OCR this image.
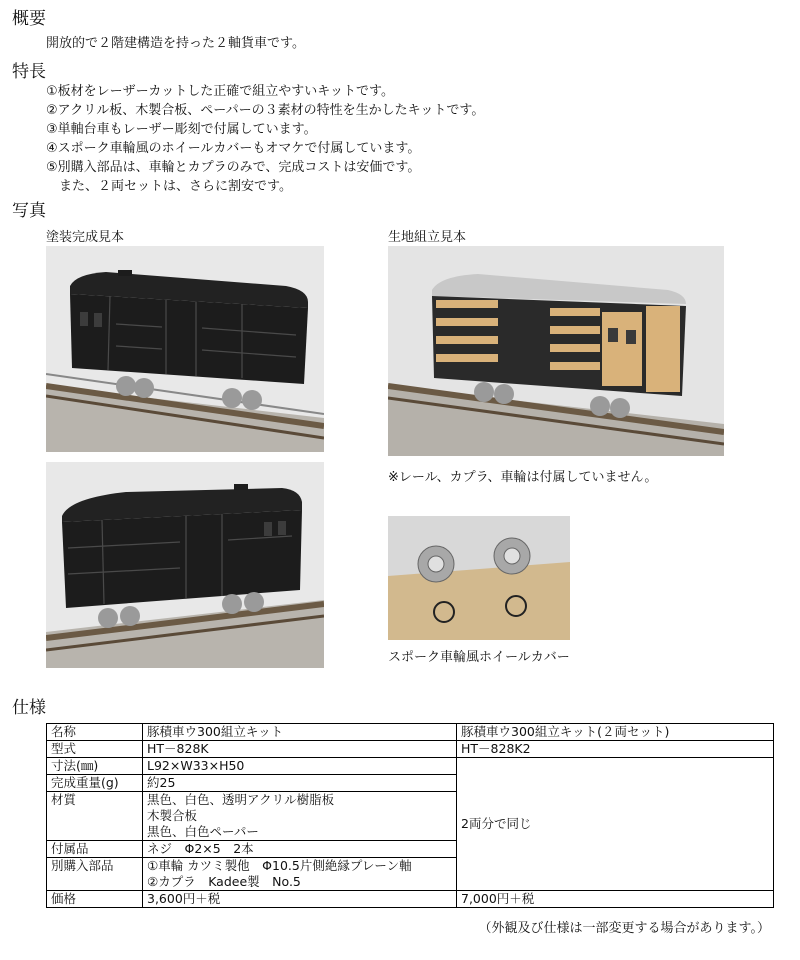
概要
開放的で２階建構造を持った２軸貨車です。
特長
①板材をレーザーカットした正確で組立やすいキットです。
②アクリル板、木製合板、ペーパーの３素材の特性を生かしたキットです。
③単軸台車もレーザー彫刻で付属しています。
④スポーク車輪風のホイールカバーもオマケで付属しています。
⑤別購入部品は、車輪とカプラのみで、完成コストは安価です。
　また、２両セットは、さらに割安です。
写真
塗装完成見本	生地組立見本
※レール、カプラ、車輪は付属していません。
スポーク車輪風ホイールカバー
仕様
名称	豚積車ウ300組立キット	豚積車ウ300組立キット(２両セット)
型式	HT－828K	HT－828K2
寸法(㎜)	L92×W33×H50	2両分で同じ
完成重量(g)	約25	
材質	黒色、白色、透明アクリル樹脂板
木製合板
黒色、白色ペーパー	

付属品	ネジ　Φ2×5　2本	
別購入部品	①車輪 カツミ製他　Φ10.5片側絶縁プレーン軸
②カプラ　Kadee製　No.5	

価格	3,600円＋税	7,000円＋税
（外観及び仕様は一部変更する場合があります。）
